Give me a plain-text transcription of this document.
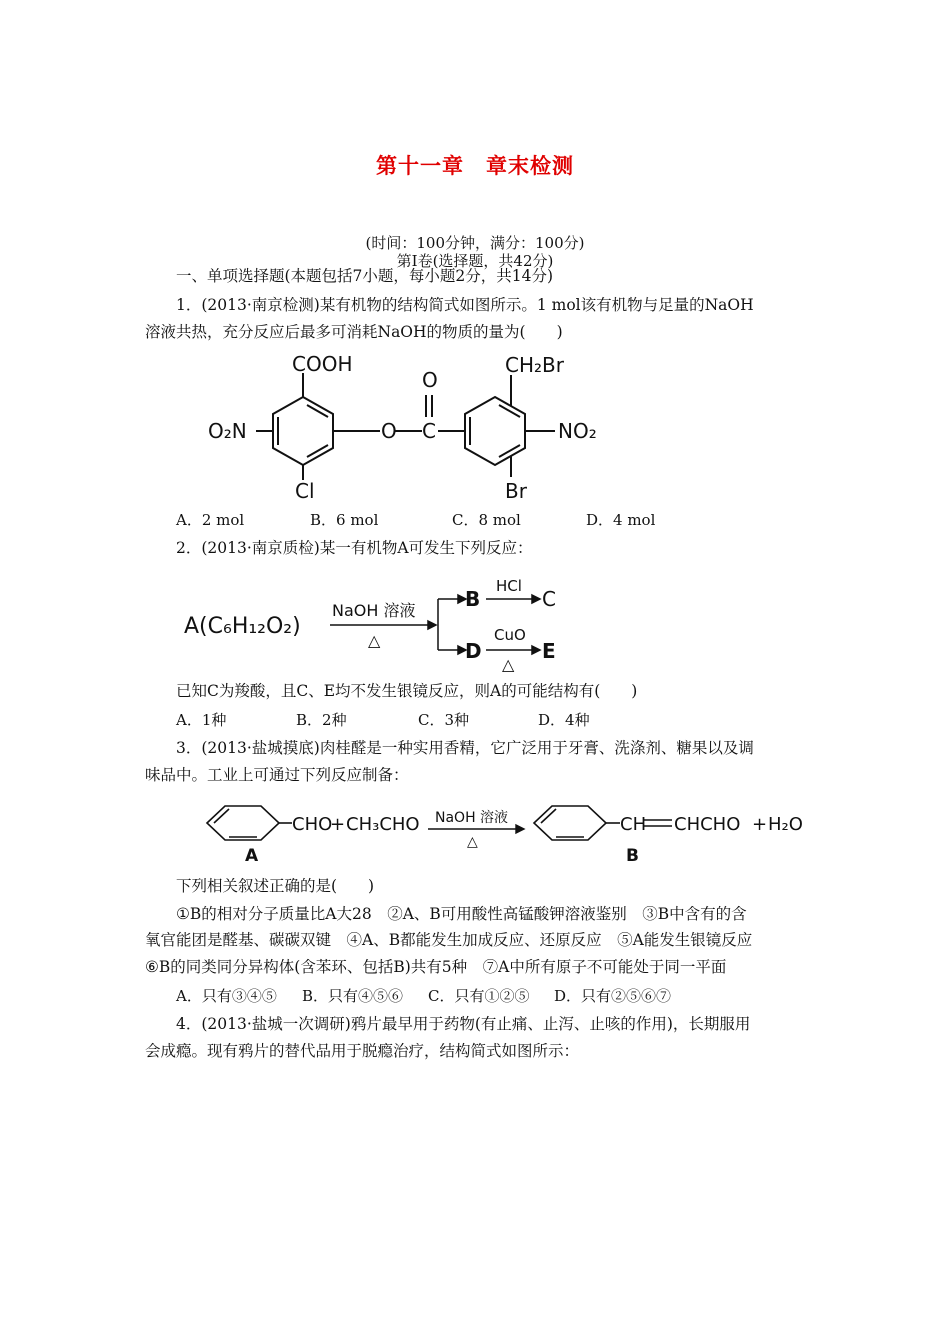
第十一章　章末检测
(时间：100分钟，满分：100分)
第Ⅰ卷(选择题，共42分)
一、单项选择题(本题包括7小题，每小题2分，共14分)
1．(2013·南京检测)某有机物的结构简式如图所示。1 mol该有机物与足量的NaOH
溶液共热，充分反应后最多可消耗NaOH的物质的量为(　　)
COOH
O₂N
Cl
O C
O
CH₂Br
NO₂
Br
A．2 mol	B．6 mol	C．8 mol	D．4 mol
2．(2013·南京质检)某一有机物A可发生下列反应：
A(C₆H₁₂O₂)
NaOH 溶液
△
B
HCl
C
D
CuO
△
E
已知C为羧酸，且C、E均不发生银镜反应，则A的可能结构有(　　)
A．1种	B．2种	C．3种	D．4种
3．(2013·盐城摸底)肉桂醛是一种实用香精，它广泛用于牙膏、洗涤剂、糖果以及调
味品中。工业上可通过下列反应制备：
CHO
+ CH₃CHO NaOH 溶液
△
CH CHCHO + H₂O
A	B
下列相关叙述正确的是(　　)
①B的相对分子质量比A大28　②A、B可用酸性高锰酸钾溶液鉴别　③B中含有的含
氧官能团是醛基、碳碳双键　④A、B都能发生加成反应、还原反应　⑤A能发生银镜反应
⑥B的同类同分异构体(含苯环、包括B)共有5种　⑦A中所有原子不可能处于同一平面
A．只有③④⑤ B．只有④⑤⑥ C．只有①②⑤ D．只有②⑤⑥⑦
4．(2013·盐城一次调研)鸦片最早用于药物(有止痛、止泻、止咳的作用)，长期服用
会成瘾。现有鸦片的替代品用于脱瘾治疗，结构简式如图所示：
